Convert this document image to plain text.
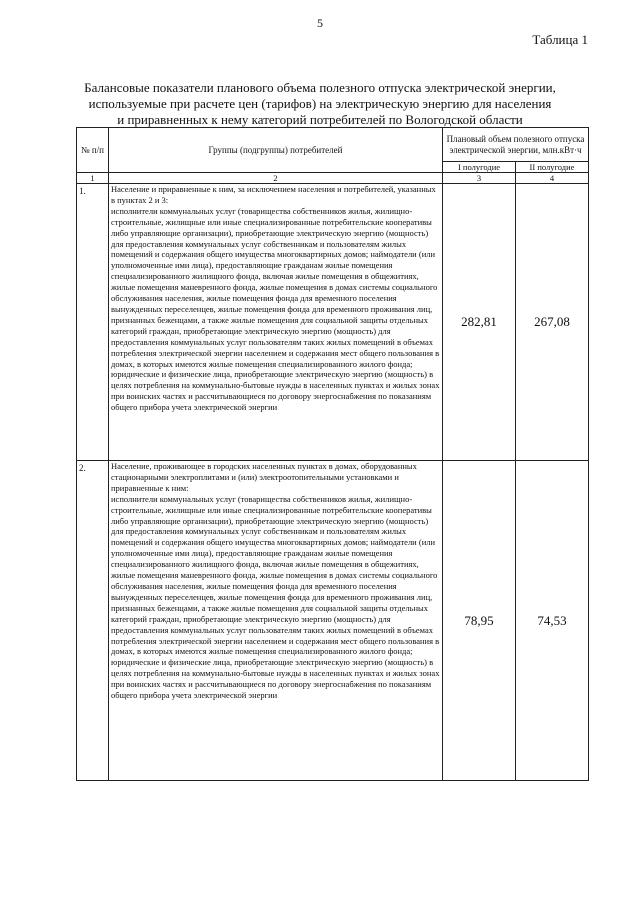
5
Таблица 1
Балансовые показатели планового объема полезного отпуска электрической энергии,
используемые при расчете цен (тарифов) на электрическую энергию для населения
и приравненных к нему категорий потребителей по Вологодской области
№ п/п	Группы (подгруппы) потребителей	Плановый объем полезного отпуска электрической энергии, млн.кВт·ч	
		I полугодие	II полугодие
1	2	3	4
1.	Население и приравненные к ним, за исключением населения и потребителей, указанных в пунктах 2 и 3:

исполнители коммунальных услуг (товарищества собственников жилья, жилищно-строительные, жилищные или иные специализированные потребительские кооперативы либо управляющие организации), приобретающие электрическую энергию (мощность) для предоставления коммунальных услуг собственникам и пользователям жилых помещений и содержания общего имущества многоквартирных домов; наймодатели (или уполномоченные ими лица), предоставляющие гражданам жилые помещения специализированного жилищного фонда, включая жилые помещения в общежитиях, жилые помещения маневренного фонда, жилые помещения в домах системы социального обслуживания населения, жилые помещения фонда для временного поселения вынужденных переселенцев, жилые помещения фонда для временного проживания лиц, признанных беженцами, а также жилые помещения для социальной защиты отдельных категорий граждан, приобретающие электрическую энергию (мощность) для предоставления коммунальных услуг пользователям таких жилых помещений в объемах потребления электрической энергии населением и содержания мест общего пользования в домах, в которых имеются жилые помещения специализированного жилого фонда;

юридические и физические лица, приобретающие электрическую энергию (мощность) в целях потребления на коммунально-бытовые нужды в населенных пунктах и жилых зонах при воинских частях и рассчитывающиеся по договору энергоснабжения по показаниям общего прибора учета электрической энергии	282,81	267,08
2.	Население, проживающее в городских населенных пунктах в домах, оборудованных стационарными электроплитами и (или) электроотопительными установками и приравненные к ним:

исполнители коммунальных услуг (товарищества собственников жилья, жилищно-строительные, жилищные или иные специализированные потребительские кооперативы либо управляющие организации), приобретающие электрическую энергию (мощность) для предоставления коммунальных услуг собственникам и пользователям жилых помещений и содержания общего имущества многоквартирных домов; наймодатели (или уполномоченные ими лица), предоставляющие гражданам жилые помещения специализированного жилищного фонда, включая жилые помещения в общежитиях, жилые помещения маневренного фонда, жилые помещения в домах системы социального обслуживания населения, жилые помещения фонда для временного поселения вынужденных переселенцев, жилые помещения фонда для временного проживания лиц, признанных беженцами, а также жилые помещения для социальной защиты отдельных категорий граждан, приобретающие электрическую энергию (мощность) для предоставления коммунальных услуг пользователям таких жилых помещений в объемах потребления электрической энергии населением и содержания мест общего пользования в домах, в которых имеются жилые помещения специализированного жилого фонда;

юридические и физические лица, приобретающие электрическую энергию (мощность) в целях потребления на коммунально-бытовые нужды в населенных пунктах и жилых зонах при воинских частях и рассчитывающиеся по договору энергоснабжения по показаниям общего прибора учета электрической энергии	78,95	74,53
